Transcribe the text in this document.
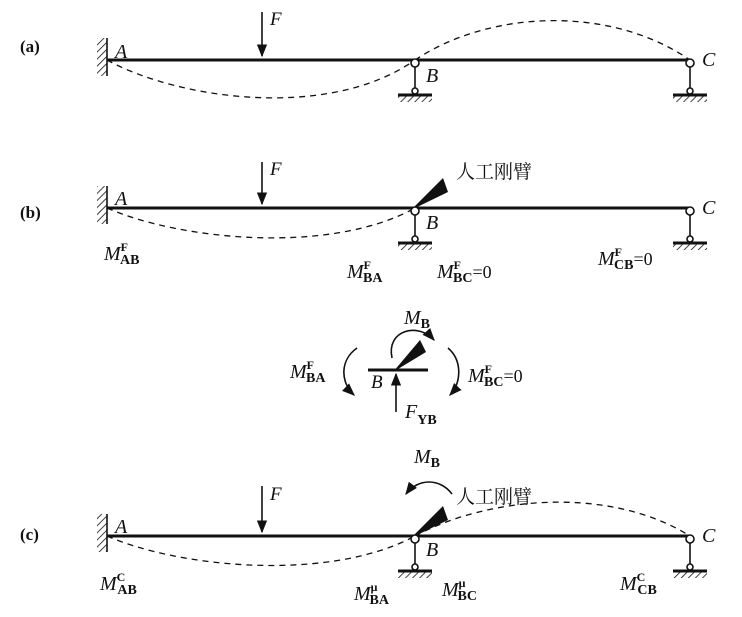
(a)
F
A
B
C
(b)
F
A
B
C
人工刚臂
$M^F$ AB
$M^F$ BA	$M^F$ BC=0
$M^F$ CB=0
B
$M_B$
$M^F$ BA	$M^F$ BC=0
$F_{YB}$
(c)
F
A
B
C
人工刚臂
$M_B$
$M^C$ AB	$M^\mu$ BA	$M^\mu$ BC
$M^C$ CB
